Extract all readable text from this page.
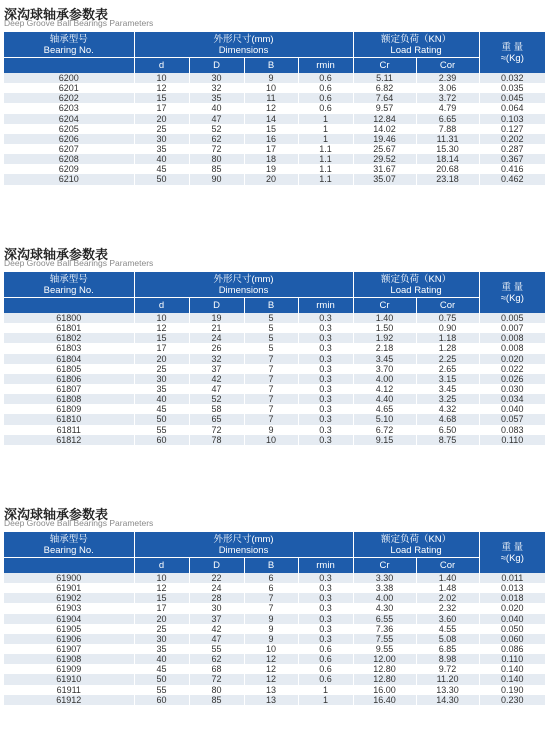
深沟球轴承参数表
Deep Groove Ball Bearings Parameters
轴承型号
Bearing No.	外形尺寸(mm)
Dimensions				额定负荷（KN）
Load Rating		重 量
≈(Kg)

	d	D	B	rmin	Cr	Cor	
6200	10	30	9	0.6	5.11	2.39	0.032
6201	12	32	10	0.6	6.82	3.06	0.035
6202	15	35	11	0.6	7.64	3.72	0.045
6203	17	40	12	0.6	9.57	4.79	0.064
6204	20	47	14	1	12.84	6.65	0.103
6205	25	52	15	1	14.02	7.88	0.127
6206	30	62	16	1	19.46	11.31	0.202
6207	35	72	17	1.1	25.67	15.30	0.287
6208	40	80	18	1.1	29.52	18.14	0.367
6209	45	85	19	1.1	31.67	20.68	0.416
6210	50	90	20	1.1	35.07	23.18	0.462
深沟球轴承参数表
Deep Groove Ball Bearings Parameters
轴承型号
Bearing No.	外形尺寸(mm)
Dimensions				额定负荷（KN）
Load Rating		重 量
≈(Kg)

	d	D	B	rmin	Cr	Cor	
61800	10	19	5	0.3	1.40	0.75	0.005
61801	12	21	5	0.3	1.50	0.90	0.007
61802	15	24	5	0.3	1.92	1.18	0.008
61803	17	26	5	0.3	2.18	1.28	0.008
61804	20	32	7	0.3	3.45	2.25	0.020
61805	25	37	7	0.3	3.70	2.65	0.022
61806	30	42	7	0.3	4.00	3.15	0.026
61807	35	47	7	0.3	4.12	3.45	0.030
61808	40	52	7	0.3	4.40	3.25	0.034
61809	45	58	7	0.3	4.65	4.32	0.040
61810	50	65	7	0.3	5.10	4.68	0.057
61811	55	72	9	0.3	6.72	6.50	0.083
61812	60	78	10	0.3	9.15	8.75	0.110
深沟球轴承参数表
Deep Groove Ball Bearings Parameters
轴承型号
Bearing No.	外形尺寸(mm)
Dimensions				额定负荷（KN）
Load Rating		重 量
≈(Kg)

	d	D	B	rmin	Cr	Cor	
61900	10	22	6	0.3	3.30	1.40	0.011
61901	12	24	6	0.3	3.38	1.48	0.013
61902	15	28	7	0.3	4.00	2.02	0.018
61903	17	30	7	0.3	4.30	2.32	0.020
61904	20	37	9	0.3	6.55	3.60	0.040
61905	25	42	9	0.3	7.36	4.55	0.050
61906	30	47	9	0.3	7.55	5.08	0.060
61907	35	55	10	0.6	9.55	6.85	0.086
61908	40	62	12	0.6	12.00	8.98	0.110
61909	45	68	12	0.6	12.80	9.72	0.140
61910	50	72	12	0.6	12.80	11.20	0.140
61911	55	80	13	1	16.00	13.30	0.190
61912	60	85	13	1	16.40	14.30	0.230
